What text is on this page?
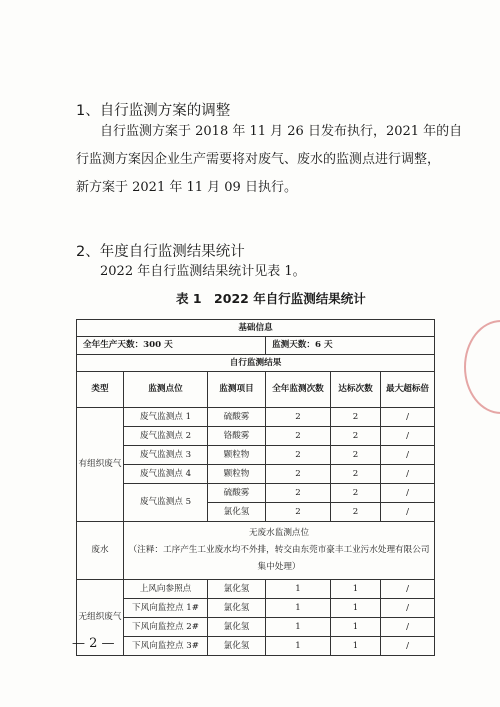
1、自行监测方案的调整
自行监测方案于 2018 年 11 月 26 日发布执行，2021 年的自
行监测方案因企业生产需要将对废气、废水的监测点进行调整，
新方案于 2021 年 11 月 09 日执行。
2、年度自行监测结果统计
2022 年自行监测结果统计见表 1。
表 1　2022 年自行监测结果统计
基础信息					
全年生产天数：300 天			监测天数：6 天		
自行监测结果					
类型	监测点位	监测项目	全年监测次数	达标次数	最大超标倍
有组织废气	废气监测点 1	硫酸雾	2	2	/
	废气监测点 2	铬酸雾	2	2	/
	废气监测点 3	颗粒物	2	2	/
	废气监测点 4	颗粒物	2	2	/
	废气监测点 5	硫酸雾	2	2	/
		氯化氢	2	2	/
废水	无废水监测点位
（注释：工序产生工业废水均不外排，转交由东莞市豪丰工业污水处理有限公司集中处理）				

无组织废气	上风向参照点	氯化氢	1	1	/
	下风向监控点 1#	氯化氢	1	1	/
	下风向监控点 2#	氯化氢	1	1	/
	下风向监控点 3#	氯化氢	1	1	/
— 2 —
